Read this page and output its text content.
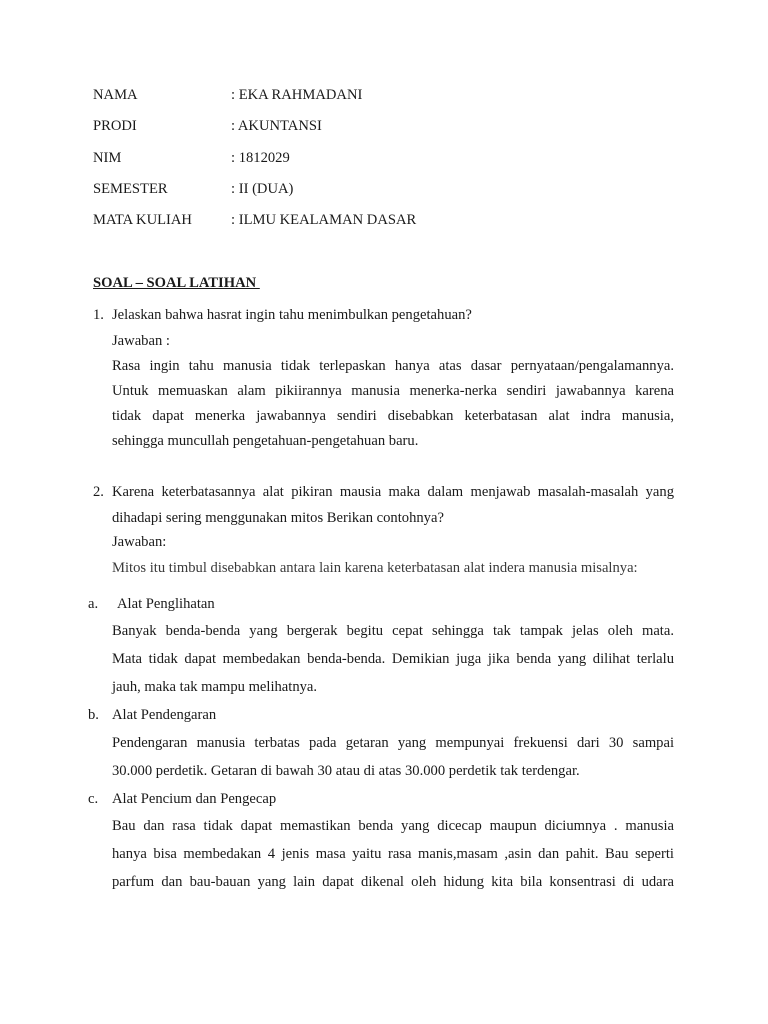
NAMA	: EKA RAHMADANI
PRODI	: AKUNTANSI
NIM	: 1812029
SEMESTER	: II (DUA)
MATA KULIAH	: ILMU KEALAMAN DASAR
SOAL – SOAL LATIHAN
1. Jelaskan bahwa hasrat ingin tahu menimbulkan pengetahuan?
Jawaban :
Rasa ingin tahu manusia tidak terlepaskan hanya atas dasar pernyataan/pengalamannya.
Untuk memuaskan alam pikiirannya manusia menerka-nerka sendiri jawabannya karena
tidak dapat menerka jawabannya sendiri disebabkan keterbatasan alat indra manusia,
sehingga muncullah pengetahuan-pengetahuan baru.
2. Karena keterbatasannya alat pikiran mausia maka dalam menjawab masalah-masalah yang
dihadapi sering menggunakan mitos Berikan contohnya?
Jawaban:
Mitos itu timbul disebabkan antara lain karena keterbatasan alat indera manusia misalnya:
a. Alat Penglihatan
Banyak benda-benda yang bergerak begitu cepat sehingga tak tampak jelas oleh mata.
Mata tidak dapat membedakan benda-benda. Demikian juga jika benda yang dilihat terlalu
jauh, maka tak mampu melihatnya.
b. Alat Pendengaran
Pendengaran manusia terbatas pada getaran yang mempunyai frekuensi dari 30 sampai
30.000 perdetik. Getaran di bawah 30 atau di atas 30.000 perdetik tak terdengar.
c. Alat Pencium dan Pengecap
Bau dan rasa tidak dapat memastikan benda yang dicecap maupun diciumnya . manusia
hanya bisa membedakan 4 jenis masa yaitu rasa manis,masam ,asin dan pahit. Bau seperti
parfum dan bau-bauan yang lain dapat dikenal oleh hidung kita bila konsentrasi di udara
